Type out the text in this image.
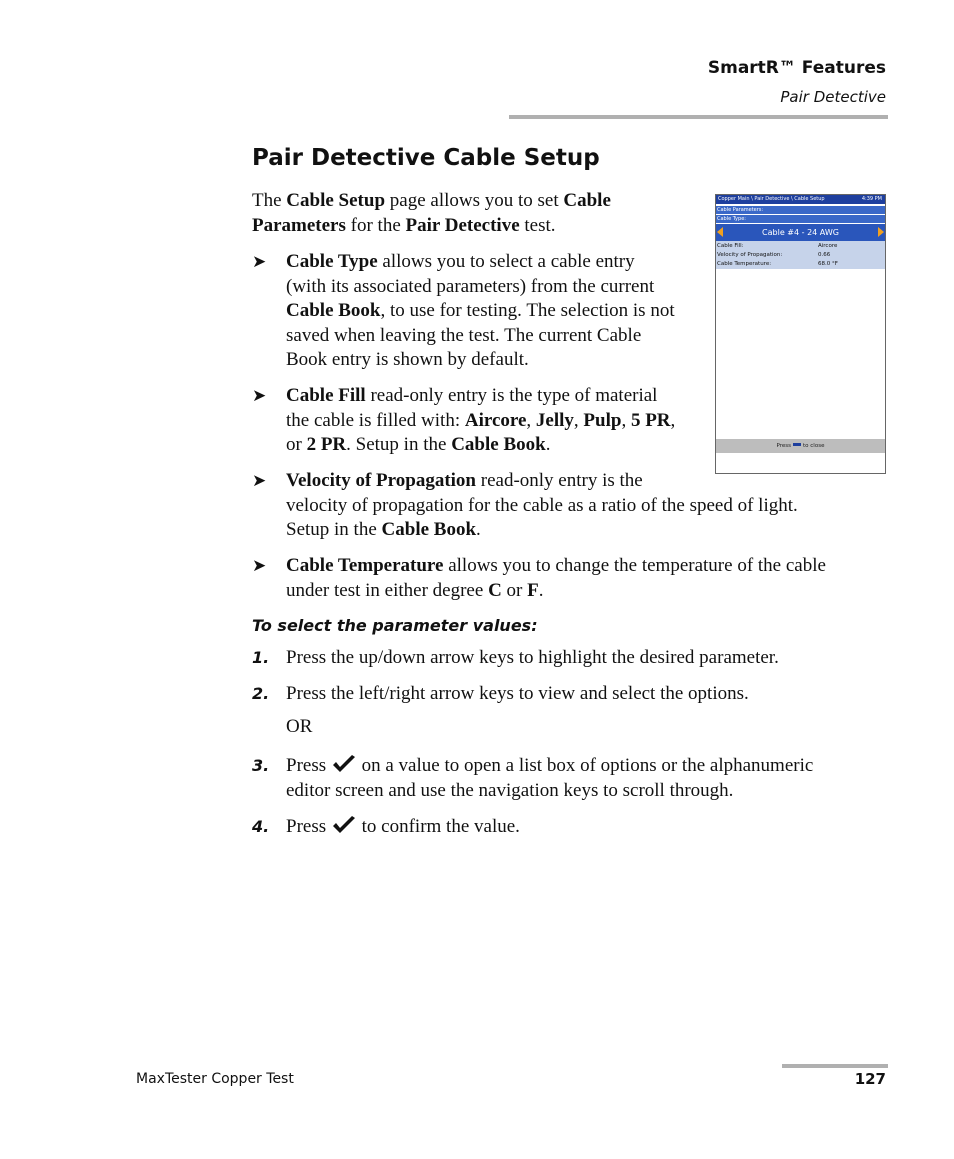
SmartR™ Features
Pair Detective
Pair Detective Cable Setup
The Cable Setup page allows you to set Cable
Parameters for the Pair Detective test.
➤	Cable Type allows you to select a cable entry
(with its associated parameters) from the current
Cable Book, to use for testing. The selection is not
saved when leaving the test. The current Cable
Book entry is shown by default.
➤	Cable Fill read-only entry is the type of material
the cable is filled with: Aircore, Jelly, Pulp, 5 PR,
or 2 PR. Setup in the Cable Book.
➤	Velocity of Propagation read-only entry is the
velocity of propagation for the cable as a ratio of the speed of light.
Setup in the Cable Book.
➤	Cable Temperature allows you to change the temperature of the cable
under test in either degree C or F.
To select the parameter values:
1. Press the up/down arrow keys to highlight the desired parameter.
2. Press the left/right arrow keys to view and select the options.
OR
3. Press  on a value to open a list box of options or the alphanumeric
editor screen and use the navigation keys to scroll through.
4. Press  to confirm the value.
Copper Main \ Pair Detective \ Cable Setup	4:39 PM
Cable Parameters:
Cable Type:
Cable #4 - 24 AWG
Cable Fill:	Aircore
Velocity of Propagation:	0.66
Cable Temperature:	68.0 °F
Press to close
MaxTester Copper Test	127
